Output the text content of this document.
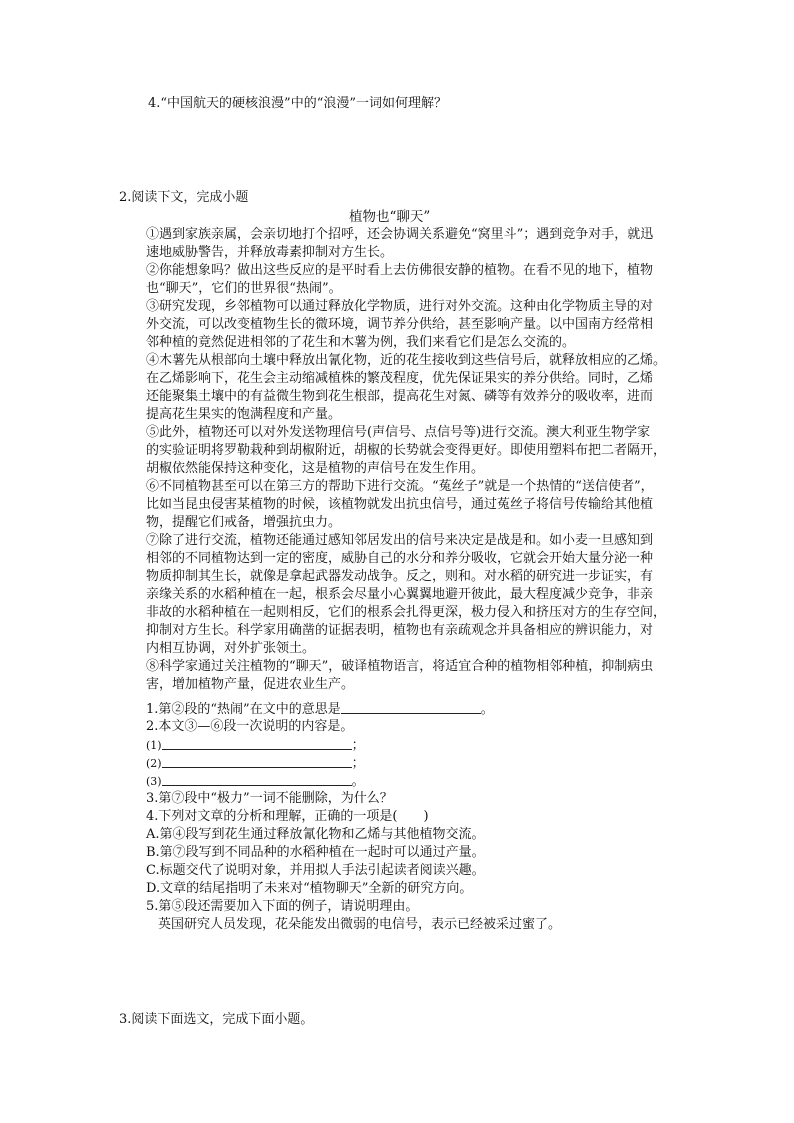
4.“中国航天的硬核浪漫”中的“浪漫”一词如何理解？
2.阅读下文，完成小题
植物也“聊天”
①遇到家族亲属，会亲切地打个招呼，还会协调关系避免“窝里斗”；遇到竞争对手，就迅
速地威胁警告，并释放毒素抑制对方生长。
②你能想象吗？做出这些反应的是平时看上去仿佛很安静的植物。在看不见的地下，植物
也“聊天”，它们的世界很“热闹”。
③研究发现，乡邻植物可以通过释放化学物质，进行对外交流。这种由化学物质主导的对
外交流，可以改变植物生长的微环境，调节养分供给，甚至影响产量。以中国南方经常相
邻种植的竟然促进相邻的了花生和木薯为例，我们来看它们是怎么交流的。
④木薯先从根部向土壤中释放出氰化物，近的花生接收到这些信号后，就释放相应的乙烯。
在乙烯影响下，花生会主动缩减植株的繁茂程度，优先保证果实的养分供给。同时，乙烯
还能聚集土壤中的有益微生物到花生根部，提高花生对氮、磷等有效养分的吸收率，进而
提高花生果实的饱满程度和产量。
⑤此外，植物还可以对外发送物理信号(声信号、点信号等)进行交流。澳大利亚生物学家
的实验证明将罗勒栽种到胡椒附近，胡椒的长势就会变得更好。即使用塑料布把二者隔开，
胡椒依然能保持这种变化，这是植物的声信号在发生作用。
⑥不同植物甚至可以在第三方的帮助下进行交流。“菟丝子”就是一个热情的“送信使者”，
比如当昆虫侵害某植物的时候，该植物就发出抗虫信号，通过菟丝子将信号传输给其他植
物，提醒它们戒备，增强抗虫力。
⑦除了进行交流，植物还能通过感知邻居发出的信号来决定是战是和。如小麦一旦感知到
相邻的不同植物达到一定的密度，威胁自己的水分和养分吸收，它就会开始大量分泌一种
物质抑制其生长，就像是拿起武器发动战争。反之，则和。对水稻的研究进一步证实，有
亲缘关系的水稻种植在一起，根系会尽量小心翼翼地避开彼此，最大程度减少竞争，非亲
非故的水稻种植在一起则相反，它们的根系会扎得更深，极力侵入和挤压对方的生存空间，
抑制对方生长。科学家用确凿的证据表明，植物也有亲疏观念并具备相应的辨识能力，对
内相互协调，对外扩张领土。
⑧科学家通过关注植物的“聊天”，破译植物语言，将适宜合种的植物相邻种植，抑制病虫
害，增加植物产量，促进农业生产。
1.第②段的“热闹”在文中的意思是	。
2.本文③—⑥段一次说明的内容是。
(1)	；
(2)	；
(3)	。
3.第⑦段中“极力”一词不能删除，为什么？
4.下列对文章的分析和理解，正确的一项是(　　)
A.第④段写到花生通过释放氰化物和乙烯与其他植物交流。
B.第⑦段写到不同品种的水稻种植在一起时可以通过产量。
C.标题交代了说明对象，并用拟人手法引起读者阅读兴趣。
D.文章的结尾指明了未来对“植物聊天”全新的研究方向。
5.第⑤段还需要加入下面的例子，请说明理由。
英国研究人员发现，花朵能发出微弱的电信号，表示已经被采过蜜了。
3.阅读下面选文，完成下面小题。
